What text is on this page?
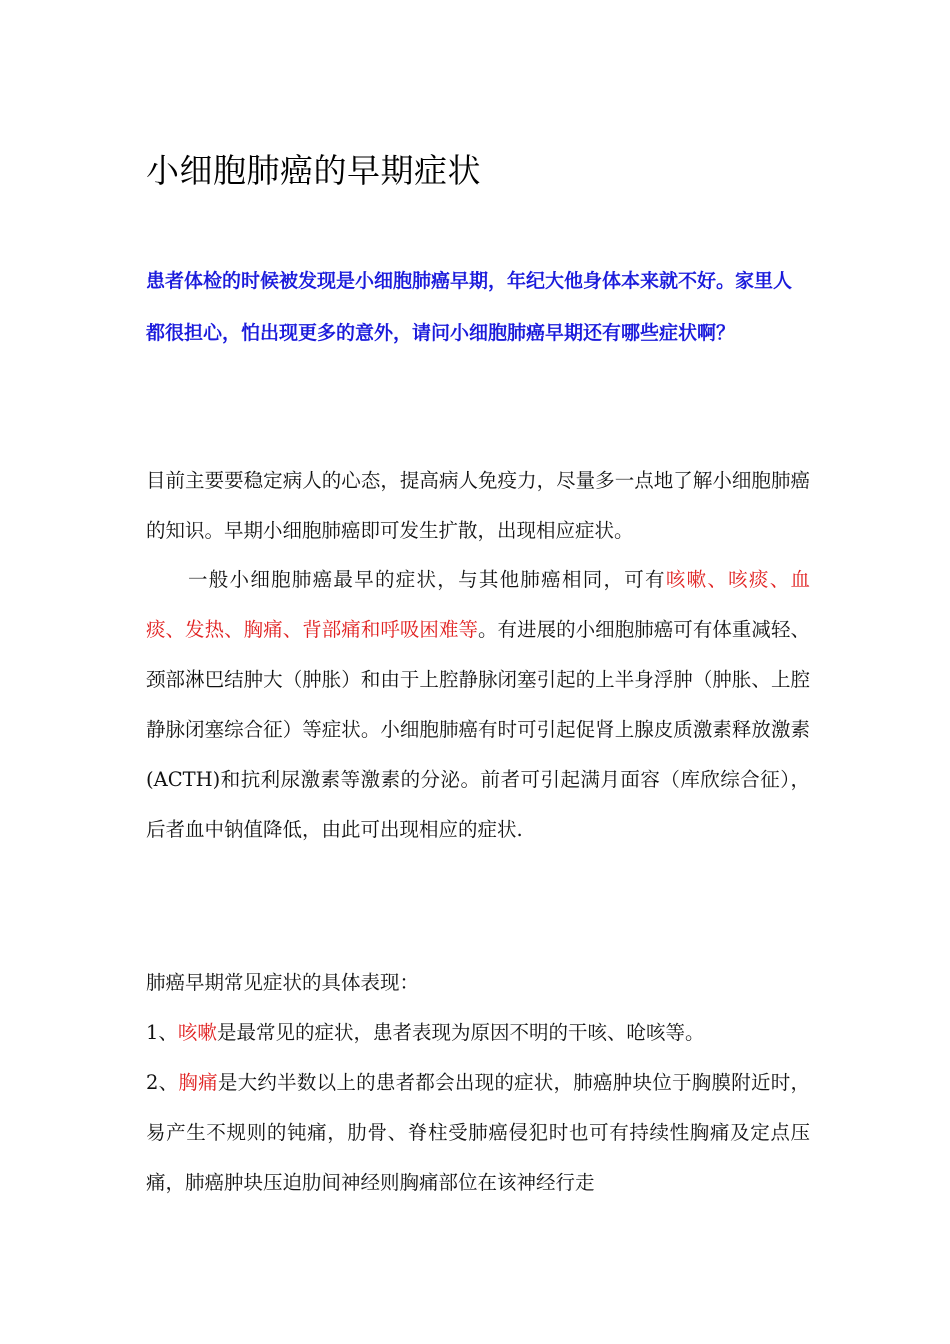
小细胞肺癌的早期症状

患者体检的时候被发现是小细胞肺癌早期，年纪大他身体本来就不好。家里人都很担心，怕出现更多的意外，请问小细胞肺癌早期还有哪些症状啊？

目前主要要稳定病人的心态，提高病人免疫力，尽量多一点地了解小细胞肺癌的知识。早期小细胞肺癌即可发生扩散，出现相应症状。

一般小细胞肺癌最早的症状，与其他肺癌相同，可有咳嗽、咳痰、血痰、发热、胸痛、背部痛和呼吸困难等。有进展的小细胞肺癌可有体重减轻、颈部淋巴结肿大（肿胀）和由于上腔静脉闭塞引起的上半身浮肿（肿胀、上腔静脉闭塞综合征）等症状。小细胞肺癌有时可引起促肾上腺皮质激素释放激素(ACTH)和抗利尿激素等激素的分泌。前者可引起满月面容（库欣综合征），后者血中钠值降低，由此可出现相应的症状.

肺癌早期常见症状的具体表现：

1、咳嗽是最常见的症状，患者表现为原因不明的干咳、呛咳等。

2、胸痛是大约半数以上的患者都会出现的症状，肺癌肿块位于胸膜附近时，易产生不规则的钝痛，肋骨、脊柱受肺癌侵犯时也可有持续性胸痛及定点压痛，肺癌肿块压迫肋间神经则胸痛部位在该神经行走
